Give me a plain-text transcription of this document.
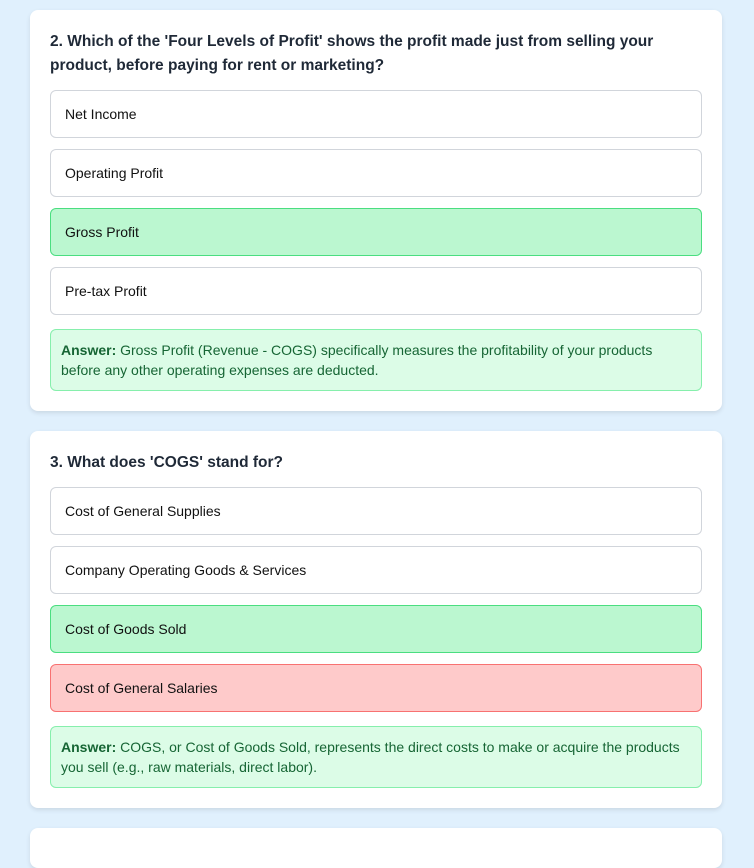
2. Which of the 'Four Levels of Profit' shows the profit made just from selling your product, before paying for rent or marketing?

Net Income
Operating Profit
Gross Profit
Pre-tax Profit
Answer: Gross Profit (Revenue - COGS) specifically measures the profitability of your products before any other operating expenses are deducted.

3. What does 'COGS' stand for?

Cost of General Supplies
Company Operating Goods & Services
Cost of Goods Sold
Cost of General Salaries
Answer: COGS, or Cost of Goods Sold, represents the direct costs to make or acquire the products you sell (e.g., raw materials, direct labor).
